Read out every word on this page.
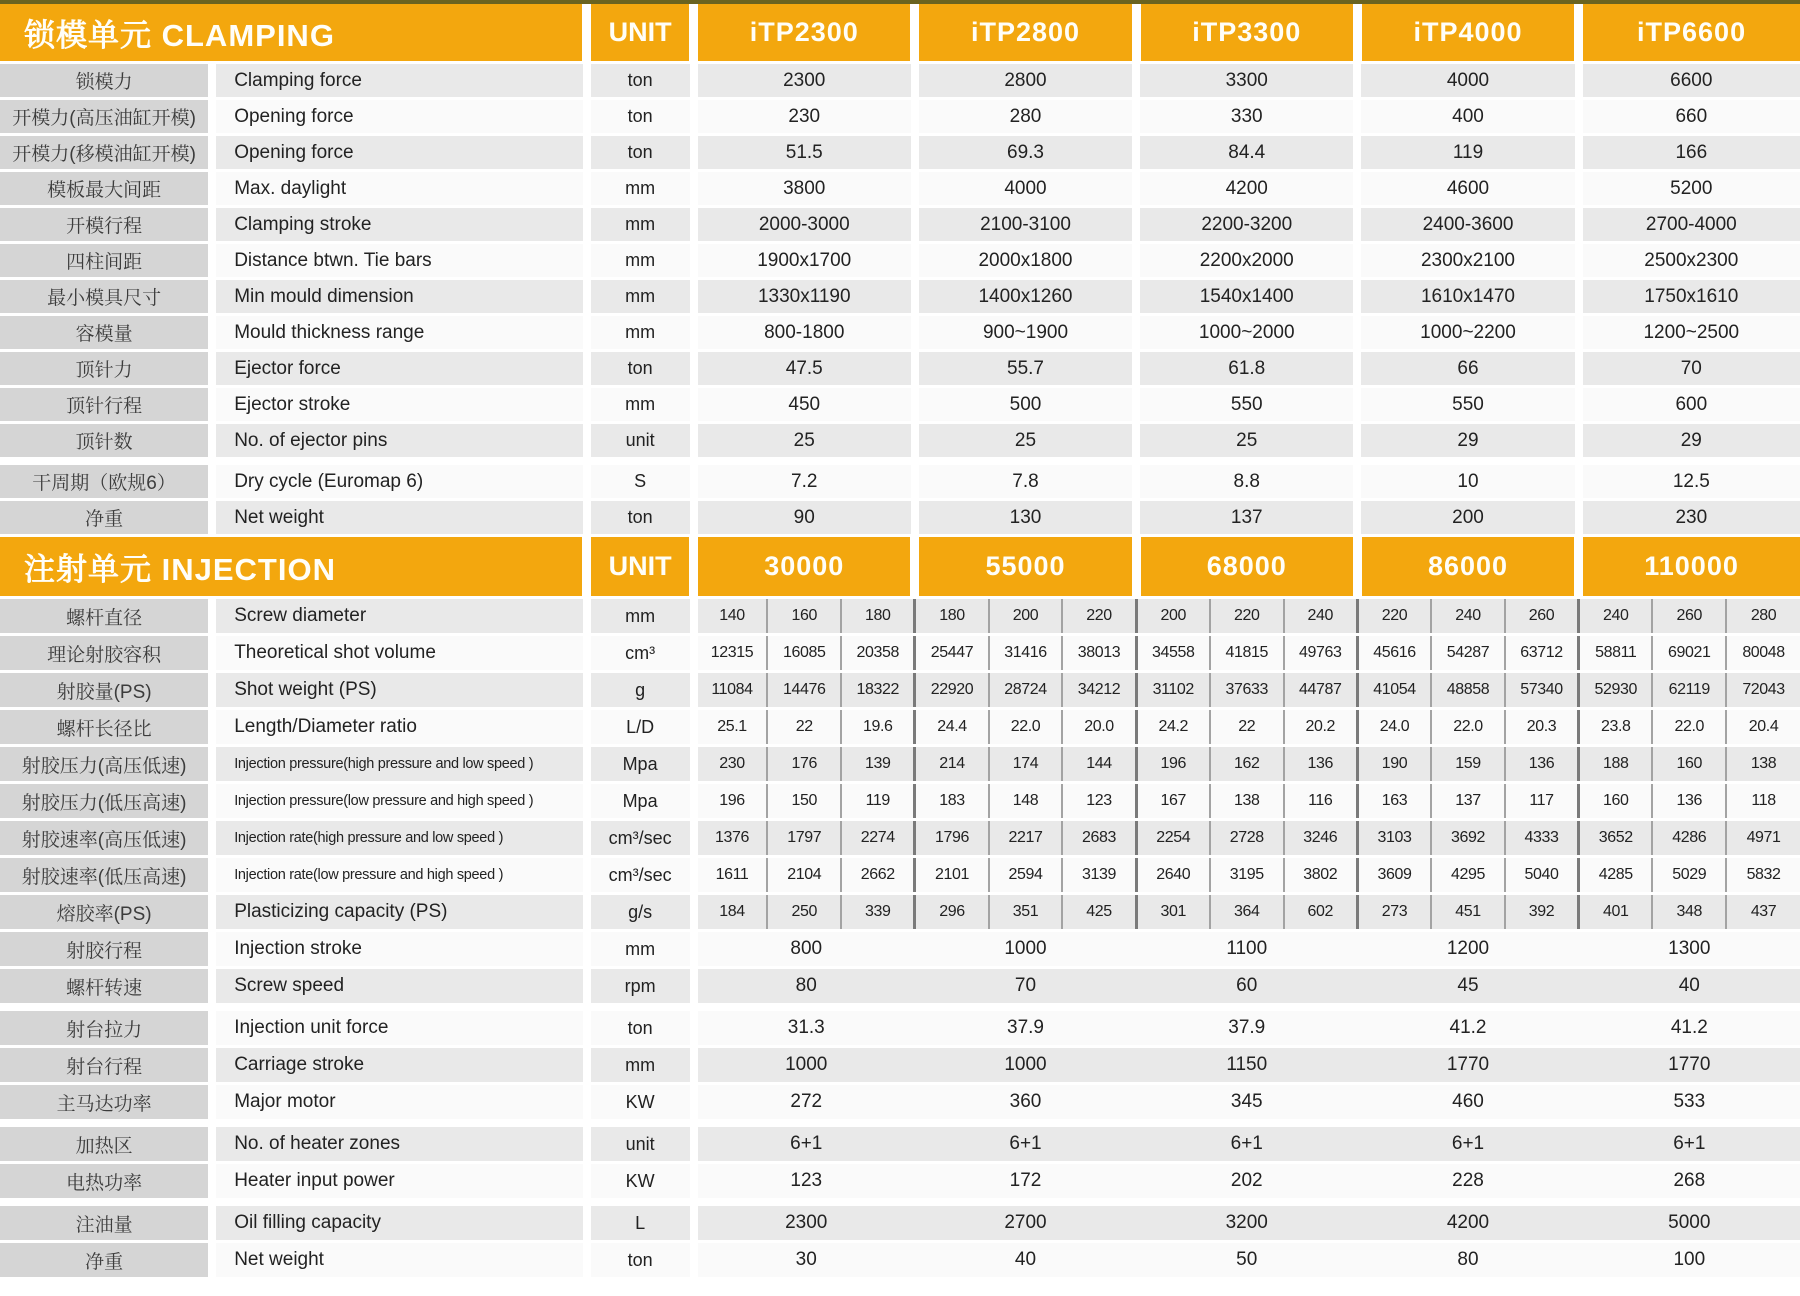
锁模单元 CLAMPING		UNIT	iTP2300			iTP2800			iTP3300			iTP4000			iTP6600		
锁模力	Clamping force	ton	2300			2800			3300			4000			6600		
开模力(高压油缸开模)	Opening force	ton	230			280			330			400			660		
开模力(移模油缸开模)	Opening force	ton	51.5			69.3			84.4			119			166		
模板最大间距	Max. daylight	mm	3800			4000			4200			4600			5200		
开模行程	Clamping stroke	mm	2000-3000			2100-3100			2200-3200			2400-3600			2700-4000		
四柱间距	Distance btwn. Tie bars	mm	1900x1700			2000x1800			2200x2000			2300x2100			2500x2300		
最小模具尺寸	Min mould dimension	mm	1330x1190			1400x1260			1540x1400			1610x1470			1750x1610		
容模量	Mould thickness range	mm	800-1800			900~1900			1000~2000			1000~2200			1200~2500		
顶针力	Ejector force	ton	47.5			55.7			61.8			66			70		
顶针行程	Ejector stroke	mm	450			500			550			550			600		
顶针数	No. of ejector pins	unit	25			25			25			29			29		
干周期（欧规6）	Dry cycle (Euromap 6)	S	7.2			7.8			8.8			10			12.5		
净重	Net weight	ton	90			130			137			200			230		
注射单元 INJECTION		UNIT	30000			55000			68000			86000			110000		
螺杆直径	Screw diameter	mm	140	160	180	180	200	220	200	220	240	220	240	260	240	260	280
理论射胶容积	Theoretical shot volume	cm³	12315	16085	20358	25447	31416	38013	34558	41815	49763	45616	54287	63712	58811	69021	80048
射胶量(PS)	Shot weight (PS)	g	11084	14476	18322	22920	28724	34212	31102	37633	44787	41054	48858	57340	52930	62119	72043
螺杆长径比	Length/Diameter ratio	L/D	25.1	22	19.6	24.4	22.0	20.0	24.2	22	20.2	24.0	22.0	20.3	23.8	22.0	20.4
射胶压力(高压低速)	Injection pressure(high pressure and low speed )	Mpa	230	176	139	214	174	144	196	162	136	190	159	136	188	160	138
射胶压力(低压高速)	Injection pressure(low pressure and high speed )	Mpa	196	150	119	183	148	123	167	138	116	163	137	117	160	136	118
射胶速率(高压低速)	Injection rate(high pressure and low speed )	cm³/sec	1376	1797	2274	1796	2217	2683	2254	2728	3246	3103	3692	4333	3652	4286	4971
射胶速率(低压高速)	Injection rate(low pressure and high speed )	cm³/sec	1611	2104	2662	2101	2594	3139	2640	3195	3802	3609	4295	5040	4285	5029	5832
熔胶率(PS)	Plasticizing capacity (PS)	g/s	184	250	339	296	351	425	301	364	602	273	451	392	401	348	437
射胶行程	Injection stroke	mm	800			1000			1100			1200			1300		
螺杆转速	Screw speed	rpm	80			70			60			45			40		
射台拉力	Injection unit force	ton	31.3			37.9			37.9			41.2			41.2		
射台行程	Carriage stroke	mm	1000			1000			1150			1770			1770		
主马达功率	Major motor	KW	272			360			345			460			533		
加热区	No. of heater zones	unit	6+1			6+1			6+1			6+1			6+1		
电热功率	Heater input power	KW	123			172			202			228			268		
注油量	Oil filling capacity	L	2300			2700			3200			4200			5000		
净重	Net weight	ton	30			40			50			80			100		
